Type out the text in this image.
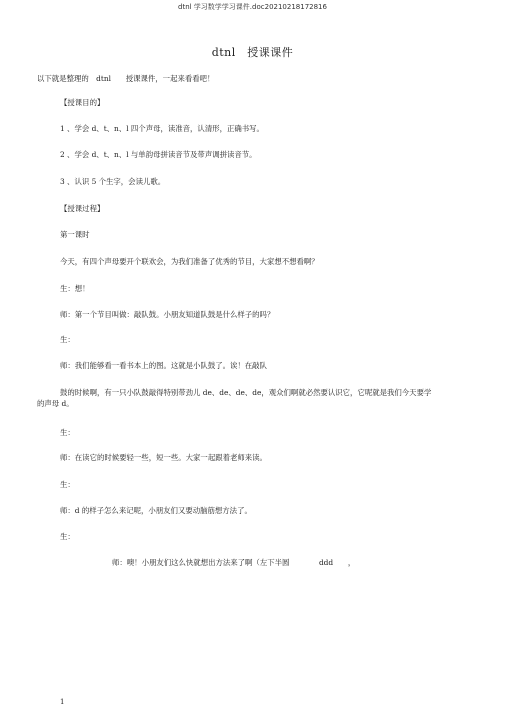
dtnl 学习数学学习课件.doc20210218172816
dtnl　授课课件
以下就是整理的　dtnl　　授课课件，一起来看看吧！
【授课目的】
1 、学会 d、t、n、l 四个声母，读准音，认清形，正确书写。
2 、学会 d、t、n、l 与单韵母拼读音节及带声调拼读音节。
3 、认识 5 个生字，会读儿歌。
【授课过程】
第一课时
今天，有四个声母要开个联欢会，为我们准备了优秀的节目，大家想不想看啊？
生：想！
师：第一个节目叫做：敲队鼓。小朋友知道队鼓是什么样子的吗？
生：
师：我们能够看一看书本上的图。这就是小队鼓了。诶！在敲队
鼓的时候啊，有一只小队鼓敲得特别带劲儿 de、de、de、de，观众们啊就必然要认识它，它呢就是我们今天要学的声母 d。
生：
师：在读它的时候要轻一些，短一些。大家一起跟着老师来读。
生：
师：d 的样子怎么来记呢，小朋友们又要动脑筋想方法了。
生：
师：噢！小朋友们这么快就想出方法来了啊（左下半圆　　　　ddd　　，
1
